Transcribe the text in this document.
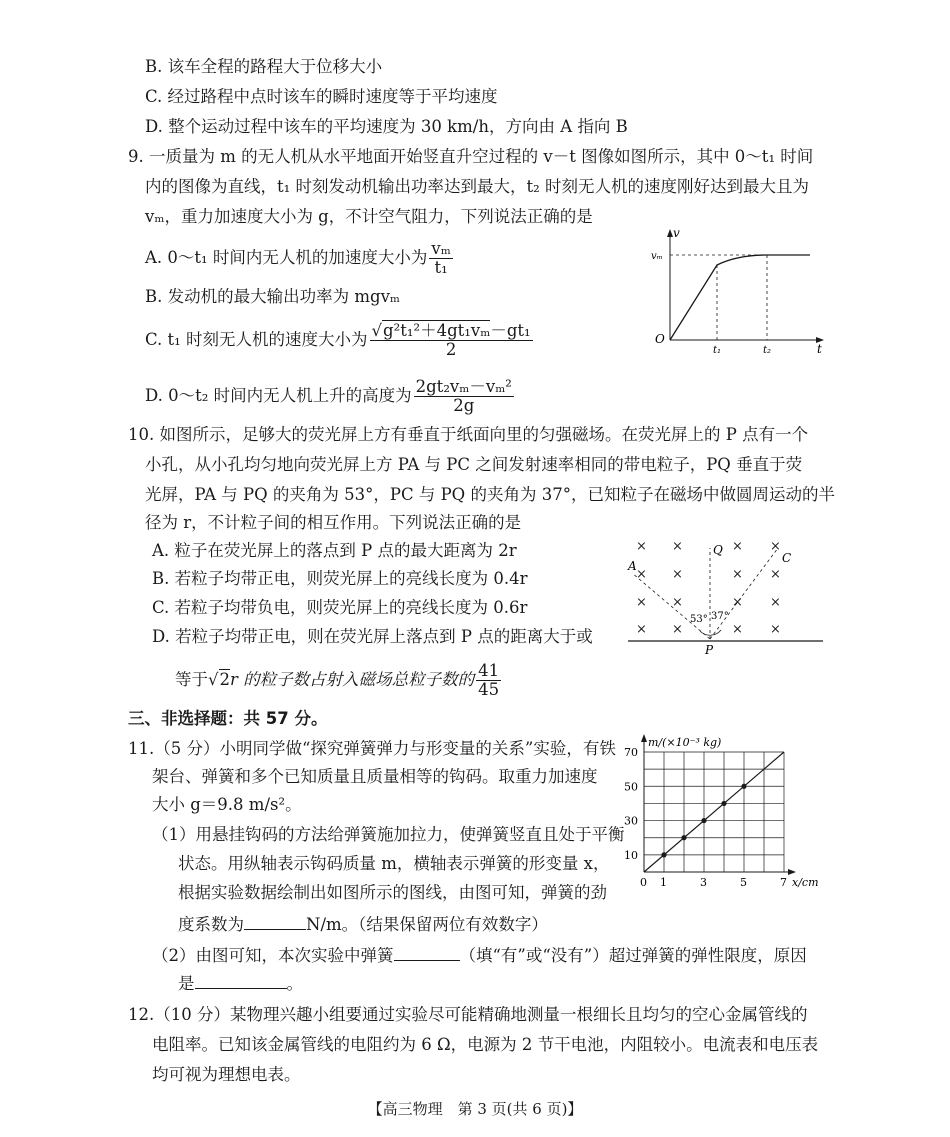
B. 该车全程的路程大于位移大小
C. 经过路程中点时该车的瞬时速度等于平均速度
D. 整个运动过程中该车的平均速度为 30 km/h，方向由 A 指向 B
9. 一质量为 m 的无人机从水平地面开始竖直升空过程的 v－t 图像如图所示，其中 0～t₁ 时间
内的图像为直线，t₁ 时刻发动机输出功率达到最大，t₂ 时刻无人机的速度刚好达到最大且为
vₘ，重力加速度大小为 g，不计空气阻力，下列说法正确的是
A. 0～t₁ 时间内无人机的加速度大小为 $\frac{\text{vₘ}}{\text{t₁}}$
B. 发动机的最大输出功率为 mgvₘ
C. t₁ 时刻无人机的速度大小为 $\frac{\text{√g²t₁²＋4gt₁vₘ－gt₁}}{2}$
D. 0～t₂ 时间内无人机上升的高度为 $\frac{\text{2gt₂vₘ－vₘ²}}{2g}$
v
vₘ
O
t₁	t₂	t
10. 如图所示，足够大的荧光屏上方有垂直于纸面向里的匀强磁场。在荧光屏上的 P 点有一个
小孔，从小孔均匀地向荧光屏上方 PA 与 PC 之间发射速率相同的带电粒子，PQ 垂直于荧
光屏，PA 与 PQ 的夹角为 53°，PC 与 PQ 的夹角为 37°，已知粒子在磁场中做圆周运动的半
径为 r，不计粒子间的相互作用。下列说法正确的是
A. 粒子在荧光屏上的落点到 P 点的最大距离为 2r
B. 若粒子均带正电，则荧光屏上的亮线长度为 0.4r
C. 若粒子均带负电，则荧光屏上的亮线长度为 0.6r
D. 若粒子均带正电，则在荧光屏上落点到 P 点的距离大于或
等于√2r 的粒子数占射入磁场总粒子数的 $\frac{41}{45}$
× ×	× ×
× ×	× ×
× ×	× ×
× ×	× ×
A
Q
C
P
53° 37°
三、非选择题：共 57 分。
11.（5 分）小明同学做“探究弹簧弹力与形变量的关系”实验，有铁
架台、弹簧和多个已知质量且质量相等的钩码。取重力加速度
大小 g＝9.8 m/s²。
（1）用悬挂钩码的方法给弹簧施加拉力，使弹簧竖直且处于平衡
状态。用纵轴表示钩码质量 m，横轴表示弹簧的形变量 x，
根据实验数据绘制出如图所示的图线，由图可知，弹簧的劲
度系数为	N/m。（结果保留两位有效数字）
（2）由图可知，本次实验中弹簧	（填“有”或“没有”）超过弹簧的弹性限度，原因
是	。
10
30
50
70
0 1	3	5	7
m/(×10⁻³ kg)
x/cm
12.（10 分）某物理兴趣小组要通过实验尽可能精确地测量一根细长且均匀的空心金属管线的
电阻率。已知该金属管线的电阻约为 6 Ω，电源为 2 节干电池，内阻较小。电流表和电压表
均可视为理想电表。
【高三物理　第 3 页(共 6 页)】
